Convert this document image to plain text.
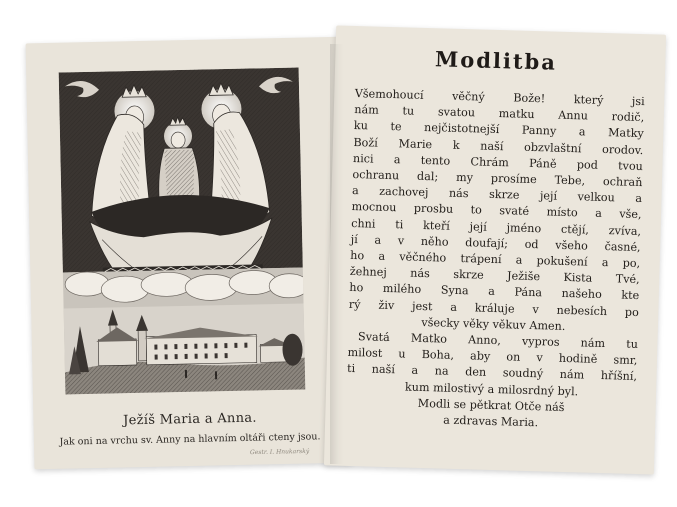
Ježíš Maria a Anna.
Jak oni na vrchu sv. Anny na hlavním oltáři cteny jsou.
Gestr. I. Hnukarský
Modlitba
Všemohoucí věčný Bože! který jsi
nám tu svatou matku Annu rodič,
ku te nejčistotnejší Panny a Matky
Boží Marie k naší obzvlaštní orodov.
nici a tento Chrám Páně pod tvou
ochranu dal; my prosíme Tebe, ochraň
a zachovej nás skrze její velkou a
mocnou prosbu to svaté místo a vše,
chni ti kteří její jméno ctějí, zvíva,
jí a v něho doufají; od všeho časné,
ho a věčného trápení a pokušení a po,
žehnej nás skrze Ježiše Kista Tvé,
ho milého Syna a Pána našeho kte
rý živ jest a králuje v nebesích po
všecky věky věkuv Amen.
Svatá Matko Anno, vypros nám tu
milost u Boha, aby on v hodině smr,
ti naší a na den soudný nám hříšní,
kum milostivý a milosrdný byl.
Modli se pětkrat Otče náš
a zdravas Maria.
